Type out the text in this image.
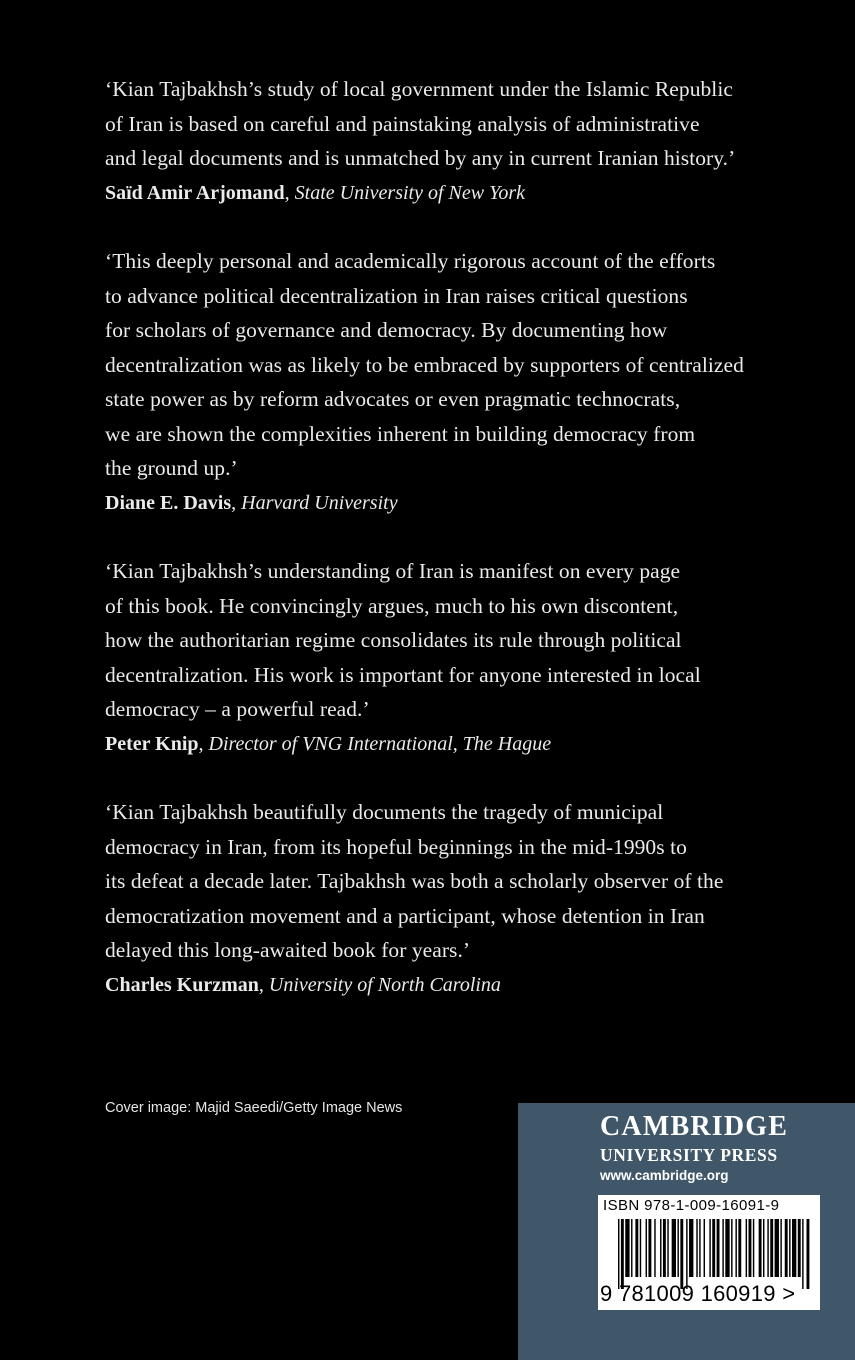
‘Kian Tajbakhsh’s study of local government under the Islamic Republic
of Iran is based on careful and painstaking analysis of administrative
and legal documents and is unmatched by any in current Iranian history.’

Saïd Amir Arjomand, State University of New York

‘This deeply personal and academically rigorous account of the efforts
to advance political decentralization in Iran raises critical questions
for scholars of governance and democracy. By documenting how
decentralization was as likely to be embraced by supporters of centralized
state power as by reform advocates or even pragmatic technocrats,
we are shown the complexities inherent in building democracy from
the ground up.’

Diane E. Davis, Harvard University

‘Kian Tajbakhsh’s understanding of Iran is manifest on every page
of this book. He convincingly argues, much to his own discontent,
how the authoritarian regime consolidates its rule through political
decentralization. His work is important for anyone interested in local
democracy – a powerful read.’

Peter Knip, Director of VNG International, The Hague

‘Kian Tajbakhsh beautifully documents the tragedy of municipal
democracy in Iran, from its hopeful beginnings in the mid-1990s to
its defeat a decade later. Tajbakhsh was both a scholarly observer of the
democratization movement and a participant, whose detention in Iran
delayed this long-awaited book for years.’

Charles Kurzman, University of North Carolina

Cover image: Majid Saeedi/Getty Image News
CAMBRIDGE
UNIVERSITY PRESS
www.cambridge.org
ISBN 978-1-009-16091-9
9 781009 160919 >
